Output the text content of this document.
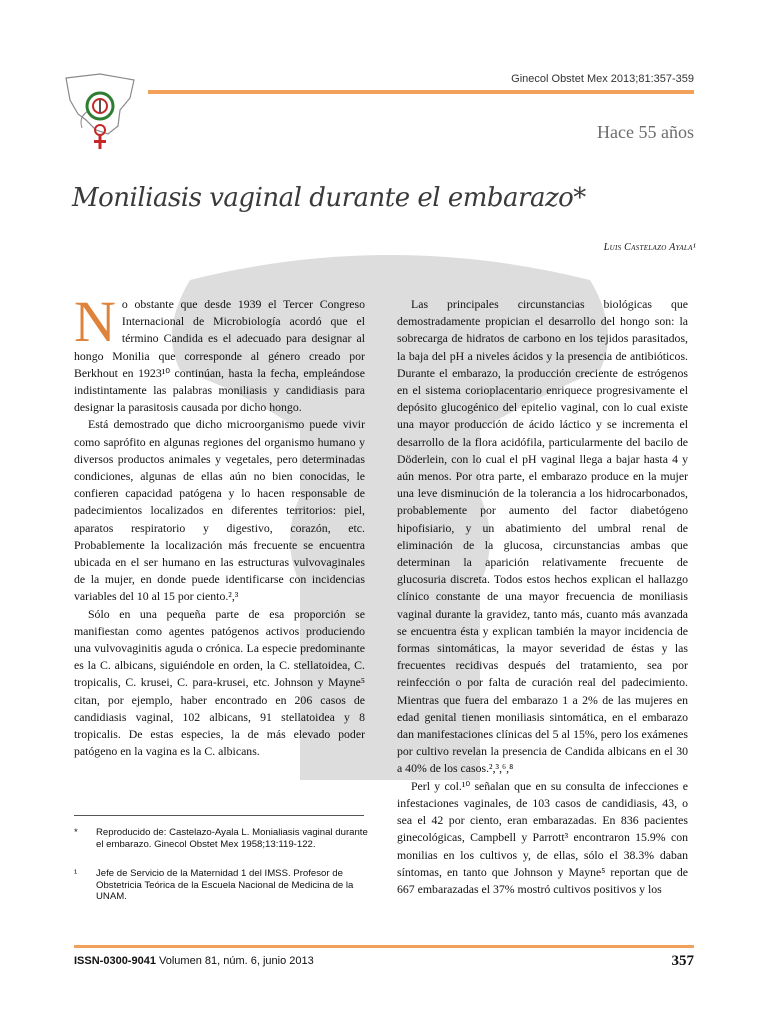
Ginecol Obstet Mex 2013;81:357-359
Hace 55 años
Moniliasis vaginal durante el embarazo*
Luis Castelazo Ayala¹

No obstante que desde 1939 el Tercer Congreso Internacional de Microbiología acordó que el término Candida es el adecuado para designar al hongo Monilia que corresponde al género creado por Berkhout en 1923¹⁰ continúan, hasta la fecha, empleándose indistintamente las palabras moniliasis y candidiasis para designar la parasitosis causada por dicho hongo.

Está demostrado que dicho microorganismo puede vivir como saprófito en algunas regiones del organismo humano y diversos productos animales y vegetales, pero determinadas condiciones, algunas de ellas aún no bien conocidas, le confieren capacidad patógena y lo hacen responsable de padecimientos localizados en diferentes territorios: piel, aparatos respiratorio y digestivo, corazón, etc. Probablemente la localización más frecuente se encuentra ubicada en el ser humano en las estructuras vulvovaginales de la mujer, en donde puede identificarse con incidencias variables del 10 al 15 por ciento.²,³

Sólo en una pequeña parte de esa proporción se manifiestan como agentes patógenos activos produciendo una vulvovaginitis aguda o crónica. La especie predominante es la C. albicans, siguiéndole en orden, la C. stellatoidea, C. tropicalis, C. krusei, C. para-krusei, etc. Johnson y Mayne⁵ citan, por ejemplo, haber encontrado en 206 casos de candidiasis vaginal, 102 albicans, 91 stellatoidea y 8 tropicalis. De estas especies, la de más elevado poder patógeno en la vagina es la C. albicans.

Las principales circunstancias biológicas que demostradamente propician el desarrollo del hongo son: la sobrecarga de hidratos de carbono en los tejidos parasitados, la baja del pH a niveles ácidos y la presencia de antibióticos. Durante el embarazo, la producción creciente de estrógenos en el sistema corioplacentario enriquece progresivamente el depósito glucogénico del epitelio vaginal, con lo cual existe una mayor producción de ácido láctico y se incrementa el desarrollo de la flora acidófila, particularmente del bacilo de Döderlein, con lo cual el pH vaginal llega a bajar hasta 4 y aún menos. Por otra parte, el embarazo produce en la mujer una leve disminución de la tolerancia a los hidrocarbonados, probablemente por aumento del factor diabetógeno hipofisiario, y un abatimiento del umbral renal de eliminación de la glucosa, circunstancias ambas que determinan la aparición relativamente frecuente de glucosuria discreta. Todos estos hechos explican el hallazgo clínico constante de una mayor frecuencia de moniliasis vaginal durante la gravidez, tanto más, cuanto más avanzada se encuentra ésta y explican también la mayor incidencia de formas sintomáticas, la mayor severidad de éstas y las frecuentes recidivas después del tratamiento, sea por reinfección o por falta de curación real del padecimiento. Mientras que fuera del embarazo 1 a 2% de las mujeres en edad genital tienen moniliasis sintomática, en el embarazo dan manifestaciones clínicas del 5 al 15%, pero los exámenes por cultivo revelan la presencia de Candida albicans en el 30 a 40% de los casos.²,³,⁶,⁸

Perl y col.¹⁰ señalan que en su consulta de infecciones e infestaciones vaginales, de 103 casos de candidiasis, 43, o sea el 42 por ciento, eran embarazadas. En 836 pacientes ginecológicas, Campbell y Parrott³ encontraron 15.9% con monilias en los cultivos y, de ellas, sólo el 38.3% daban síntomas, en tanto que Johnson y Mayne⁵ reportan que de 667 embarazadas el 37% mostró cultivos positivos y los

* Reproducido de: Castelazo-Ayala L. Monialiasis vaginal durante el embarazo. Ginecol Obstet Mex 1958;13:119-122.
¹ Jefe de Servicio de la Maternidad 1 del IMSS. Profesor de Obstetricia Teórica de la Escuela Nacional de Medicina de la UNAM.
ISSN-0300-9041 Volumen 81, núm. 6, junio 2013	357
